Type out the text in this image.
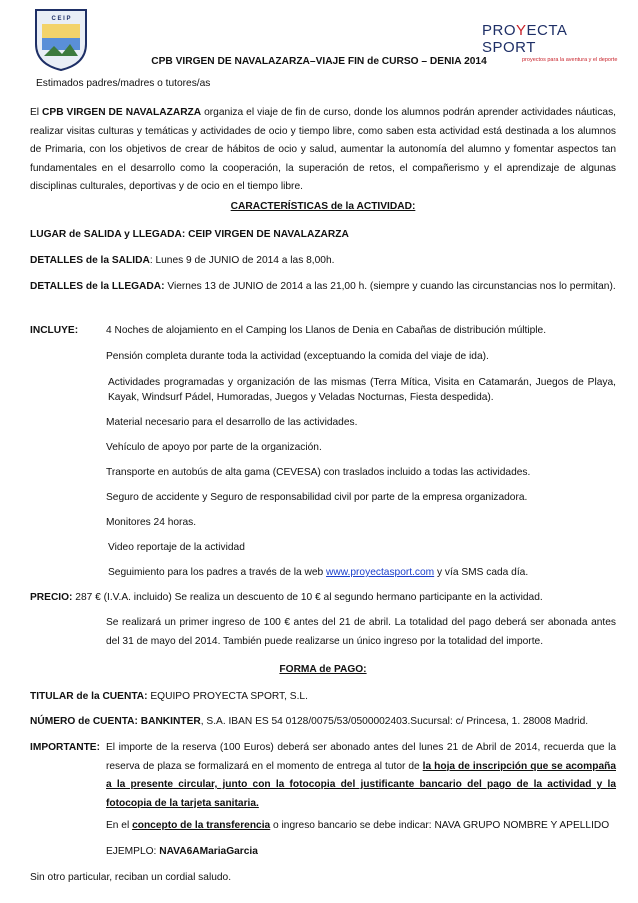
C E I P
PROYECTA SPORT
proyectos para la aventura y el deporte
CPB VIRGEN DE NAVALAZARZA–VIAJE FIN de CURSO – DENIA 2014
Estimados padres/madres o tutores/as
El CPB VIRGEN DE NAVALAZARZA organiza el viaje de fin de curso, donde los alumnos podrán aprender actividades náuticas, realizar visitas culturas y temáticas y actividades de ocio y tiempo libre, como saben esta actividad está destinada a los alumnos de Primaria, con los objetivos de crear de hábitos de ocio y salud, aumentar la autonomía del alumno y fomentar aspectos tan fundamentales en el desarrollo como la cooperación, la superación de retos, el compañerismo y el aprendizaje de algunas disciplinas culturales, deportivas y de ocio en el tiempo libre.
CARACTERÍSTICAS de la ACTIVIDAD:
LUGAR de SALIDA y LLEGADA: CEIP VIRGEN DE NAVALAZARZA
DETALLES de la SALIDA: Lunes 9 de JUNIO de 2014 a las 8,00h.
DETALLES de la LLEGADA: Viernes 13 de JUNIO de 2014 a las 21,00 h. (siempre y cuando las circunstancias nos lo permitan).
INCLUYE:	4 Noches de alojamiento en el Camping los Llanos de Denia en Cabañas de distribución múltiple.
Pensión completa durante toda la actividad (exceptuando la comida del viaje de ida).
Actividades programadas y organización de las mismas (Terra Mítica, Visita en Catamarán, Juegos de Playa, Kayak, Windsurf Pádel, Humoradas, Juegos y Veladas Nocturnas, Fiesta despedida).
Material necesario para el desarrollo de las actividades.
Vehículo de apoyo por parte de la organización.
Transporte en autobús de alta gama (CEVESA) con traslados incluido a todas las actividades.
Seguro de accidente y Seguro de responsabilidad civil por parte de la empresa organizadora.
Monitores 24 horas.
Video reportaje de la actividad
Seguimiento para los padres a través de la web www.proyectasport.com y vía SMS cada día.
PRECIO: 287 € (I.V.A. incluido) Se realiza un descuento de 10 € al segundo hermano participante en la actividad.
Se realizará un primer ingreso de 100 € antes del 21 de abril. La totalidad del pago deberá ser abonada antes del 31 de mayo del 2014. También puede realizarse un único ingreso por la totalidad del importe.
FORMA de PAGO:
TITULAR de la CUENTA: EQUIPO PROYECTA SPORT, S.L.
NÚMERO de CUENTA: BANKINTER, S.A. IBAN ES 54 0128/0075/53/0500002403.Sucursal: c/ Princesa, 1. 28008 Madrid.
IMPORTANTE: El importe de la reserva (100 Euros) deberá ser abonado antes del lunes 21 de Abril de 2014, recuerda que la reserva de plaza se formalizará en el momento de entrega al tutor de la hoja de inscripción que se acompaña a la presente circular, junto con la fotocopia del justificante bancario del pago de la actividad y la fotocopia de la tarjeta sanitaria.
En el concepto de la transferencia o ingreso bancario se debe indicar: NAVA GRUPO NOMBRE Y APELLIDO
EJEMPLO: NAVA6AMariaGarcia
Sin otro particular, reciban un cordial saludo.
